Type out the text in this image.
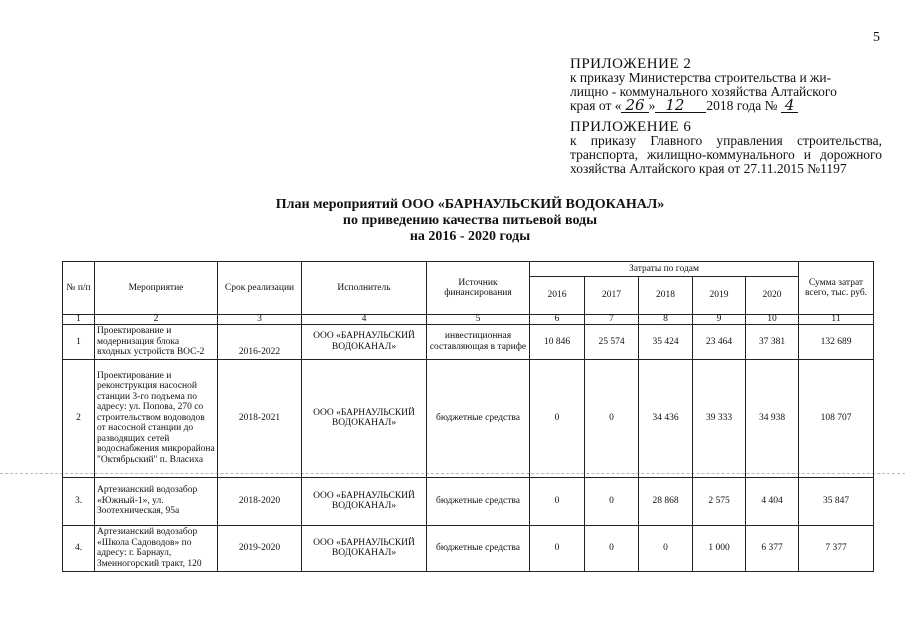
5
ПРИЛОЖЕНИЕ 2
к приказу Министерства строительства и жи-
лищно - коммунального хозяйства Алтайского
края от « 26 » 12 2018 года № 4
ПРИЛОЖЕНИЕ 6
к приказу Главного управления строительства, транспорта, жилищно-коммунального и дорожного хозяйства Алтайского края от 27.11.2015 №1197
План мероприятий ООО «БАРНАУЛЬСКИЙ ВОДОКАНАЛ»
по приведению качества питьевой воды
на 2016 - 2020 годы
№ п/п	Мероприятие	Срок реализации	Исполнитель	Источник финансирования	Затраты по годам					Сумма затрат всего, тыс. руб.
					2016	2017	2018	2019	2020	
1	2	3	4	5	6	7	8	9	10	11
1	Проектирование и модернизация блока входных устройств ВОС-2	2016-2022	ООО «БАРНАУЛЬСКИЙ ВОДОКАНАЛ»	инвестиционная составляющая в тарифе	10 846	25 574	35 424	23 464	37 381	132 689
2	Проектирование и реконструкция насосной станции 3-го подъема по адресу: ул. Попова, 270 со строительством водоводов от насосной станции до разводящих сетей водоснабжения микрорайона "Октябрьский" п. Власиха	2018-2021	ООО «БАРНАУЛЬСКИЙ ВОДОКАНАЛ»	бюджетные средства	0	0	34 436	39 333	34 938	108 707
3.	Артезианский водозабор «Южный-1», ул. Зоотехническая, 95а	2018-2020	ООО «БАРНАУЛЬСКИЙ ВОДОКАНАЛ»	бюджетные средства	0	0	28 868	2 575	4 404	35 847
4.	Артезианский водозабор «Школа Садоводов» по адресу: г. Барнаул, Змеиногорский тракт, 120	2019-2020	ООО «БАРНАУЛЬСКИЙ ВОДОКАНАЛ»	бюджетные средства	0	0	0	1 000	6 377	7 377
